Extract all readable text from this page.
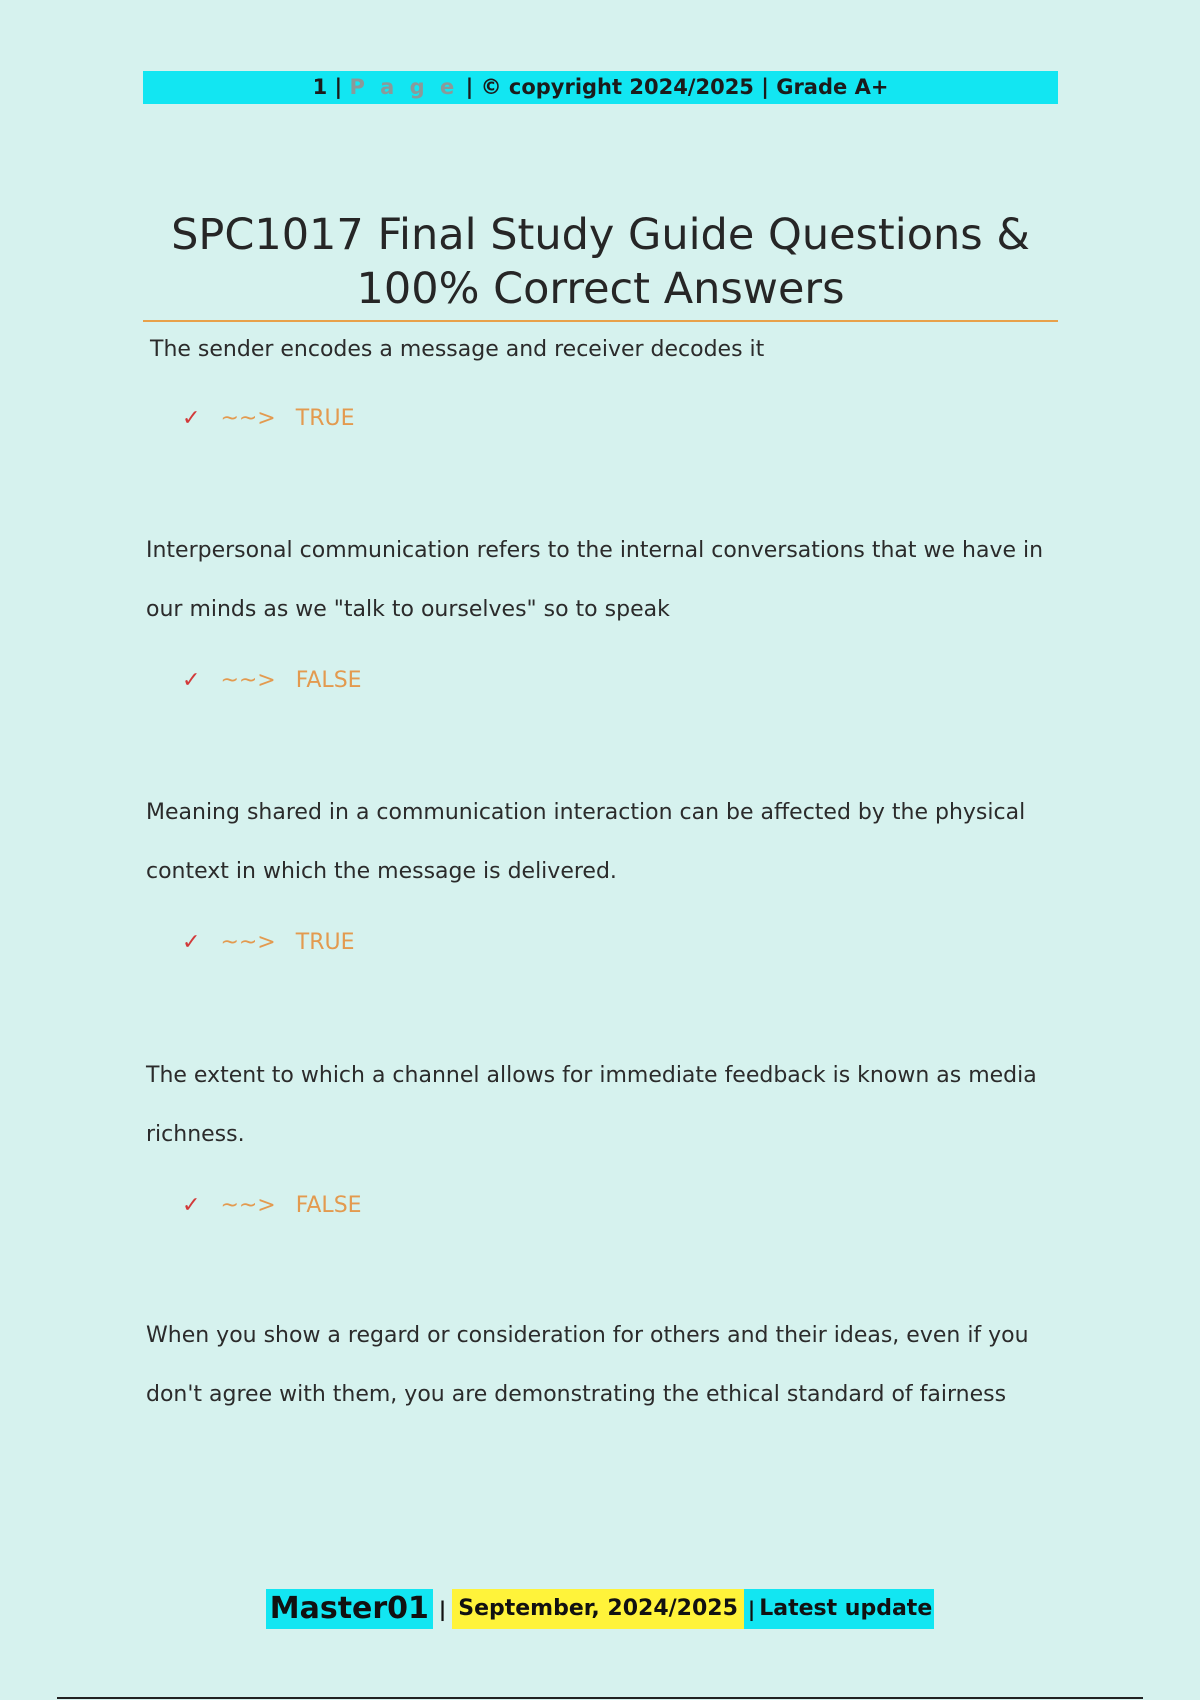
1 | P a g e | © copyright 2024/2025 | Grade A+
SPC1017 Final Study Guide Questions &
100% Correct Answers
The sender encodes a message and receiver decodes it
✓ ~~> TRUE
Interpersonal communication refers to the internal conversations that we have in our minds as we "talk to ourselves" so to speak
✓ ~~> FALSE
Meaning shared in a communication interaction can be affected by the physical context in which the message is delivered.
✓ ~~> TRUE
The extent to which a channel allows for immediate feedback is known as media richness.
✓ ~~> FALSE
When you show a regard or consideration for others and their ideas, even if you don't agree with them, you are demonstrating the ethical standard of fairness
Master01 | September, 2024/2025 | Latest update
